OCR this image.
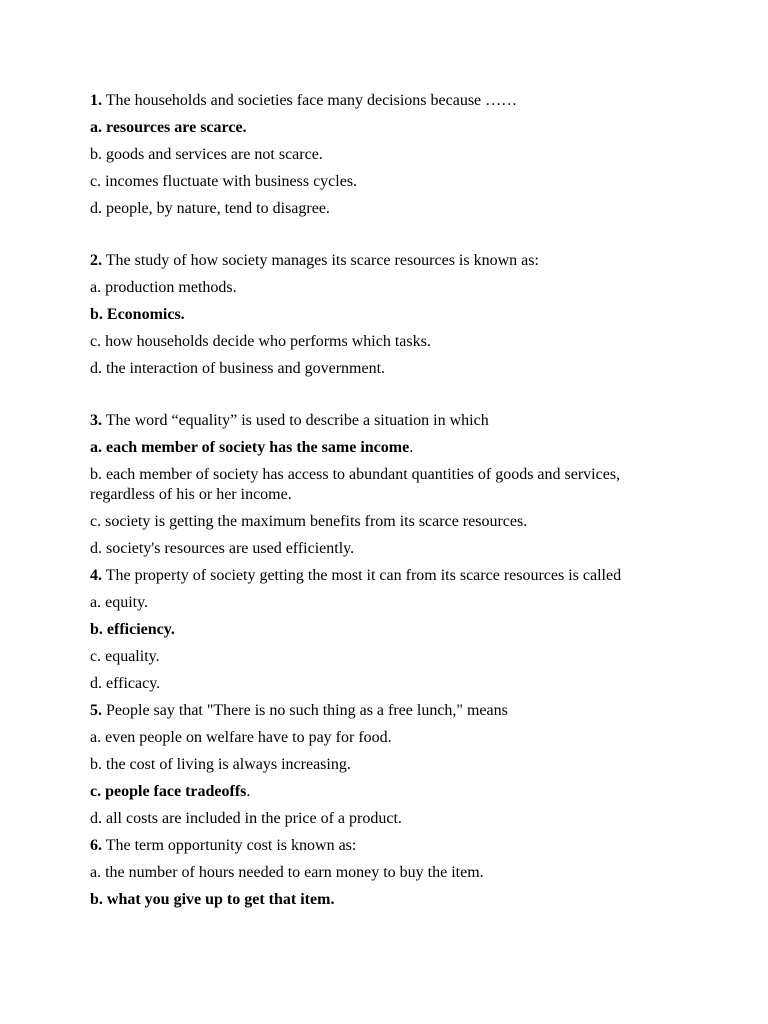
1. The households and societies face many decisions because ……
a. resources are scarce.
b. goods and services are not scarce.
c. incomes fluctuate with business cycles.
d. people, by nature, tend to disagree.
2. The study of how society manages its scarce resources is known as:
a. production methods.
b. Economics.
c. how households decide who performs which tasks.
d. the interaction of business and government.
3. The word “equality” is used to describe a situation in which
a. each member of society has the same income.
b. each member of society has access to abundant quantities of goods and services, regardless of his or her income.
c. society is getting the maximum benefits from its scarce resources.
d. society's resources are used efficiently.
4. The property of society getting the most it can from its scarce resources is called
a. equity.
b. efficiency.
c. equality.
d. efficacy.
5. People say that "There is no such thing as a free lunch," means
a. even people on welfare have to pay for food.
b. the cost of living is always increasing.
c. people face tradeoffs.
d. all costs are included in the price of a product.
6. The term opportunity cost is known as:
a. the number of hours needed to earn money to buy the item.
b. what you give up to get that item.
